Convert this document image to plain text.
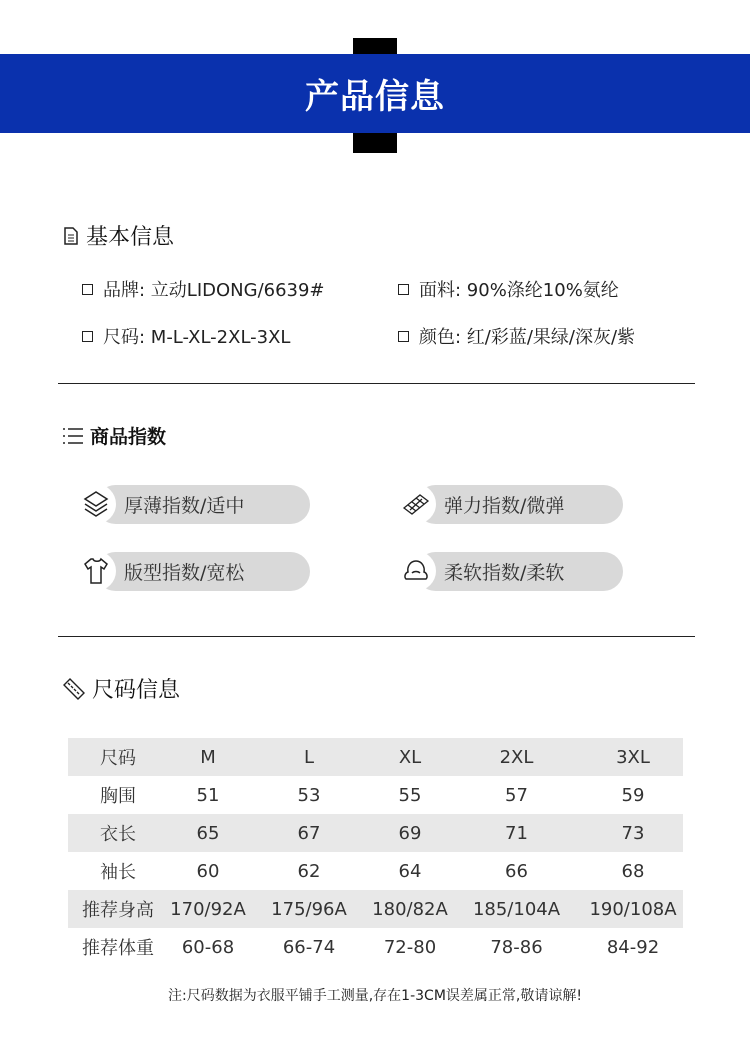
产品信息
基本信息
品牌: 立动LIDONG/6639#	面料: 90%涤纶10%氨纶
尺码: M-L-XL-2XL-3XL	颜色: 红/彩蓝/果绿/深灰/紫
商品指数
厚薄指数/适中	弹力指数/微弹
版型指数/宽松	柔软指数/柔软
尺码信息
尺码	M	L	XL	2XL	3XL
胸围	51	53	55	57	59
衣长	65	67	69	71	73
袖长	60	62	64	66	68
推荐身高	170/92A	175/96A	180/82A	185/104A	190/108A
推荐体重	60-68	66-74	72-80	78-86	84-92
注:尺码数据为衣服平铺手工测量,存在1-3CM误差属正常,敬请谅解!
